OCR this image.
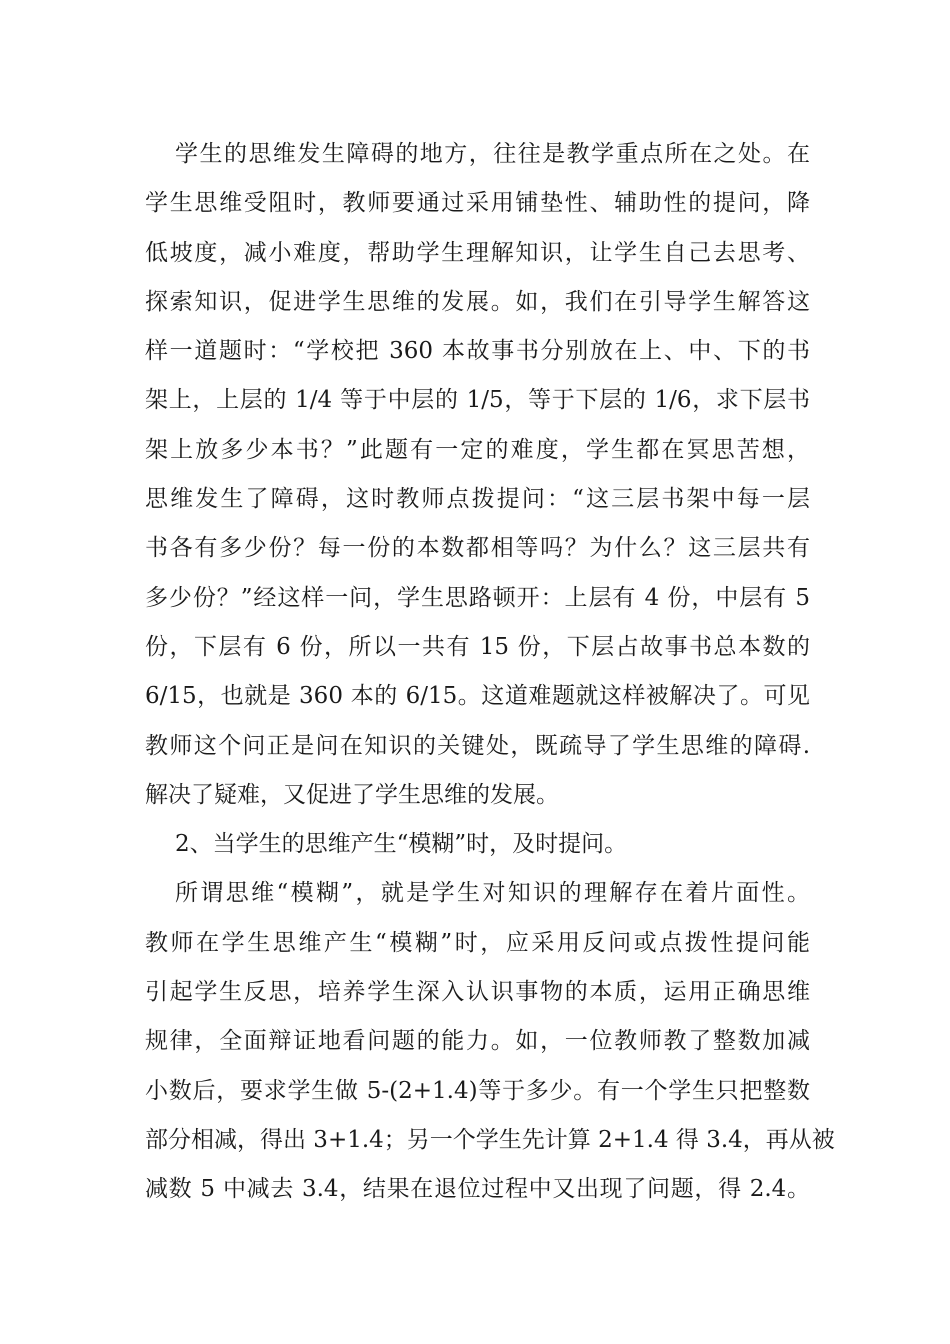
学生的思维发生障碍的地方，往往是教学重点所在之处。在
学生思维受阻时，教师要通过采用铺垫性、辅助性的提问，降
低坡度，减小难度，帮助学生理解知识，让学生自己去思考、
探索知识，促进学生思维的发展。如，我们在引导学生解答这
样一道题时：“学校把 360 本故事书分别放在上、中、下的书
架上，上层的 1/4 等于中层的 1/5，等于下层的 1/6，求下层书
架上放多少本书？”此题有一定的难度，学生都在冥思苦想，
思维发生了障碍，这时教师点拨提问：“这三层书架中每一层
书各有多少份？每一份的本数都相等吗？为什么？这三层共有
多少份？”经这样一问，学生思路顿开：上层有 4 份，中层有 5
份，下层有 6 份，所以一共有 15 份，下层占故事书总本数的
6/15，也就是 360 本的 6/15。这道难题就这样被解决了。可见
教师这个问正是问在知识的关键处，既疏导了学生思维的障碍.
解决了疑难，又促进了学生思维的发展。
2、当学生的思维产生“模糊”时，及时提问。
所谓思维“模糊”，就是学生对知识的理解存在着片面性。
教师在学生思维产生“模糊”时，应采用反问或点拨性提问能
引起学生反思，培养学生深入认识事物的本质，运用正确思维
规律，全面辩证地看问题的能力。如，一位教师教了整数加减
小数后，要求学生做 5-(2+1.4)等于多少。有一个学生只把整数
部分相减，得出 3+1.4；另一个学生先计算 2+1.4 得 3.4，再从被
减数 5 中减去 3.4，结果在退位过程中又出现了问题，得 2.4。
